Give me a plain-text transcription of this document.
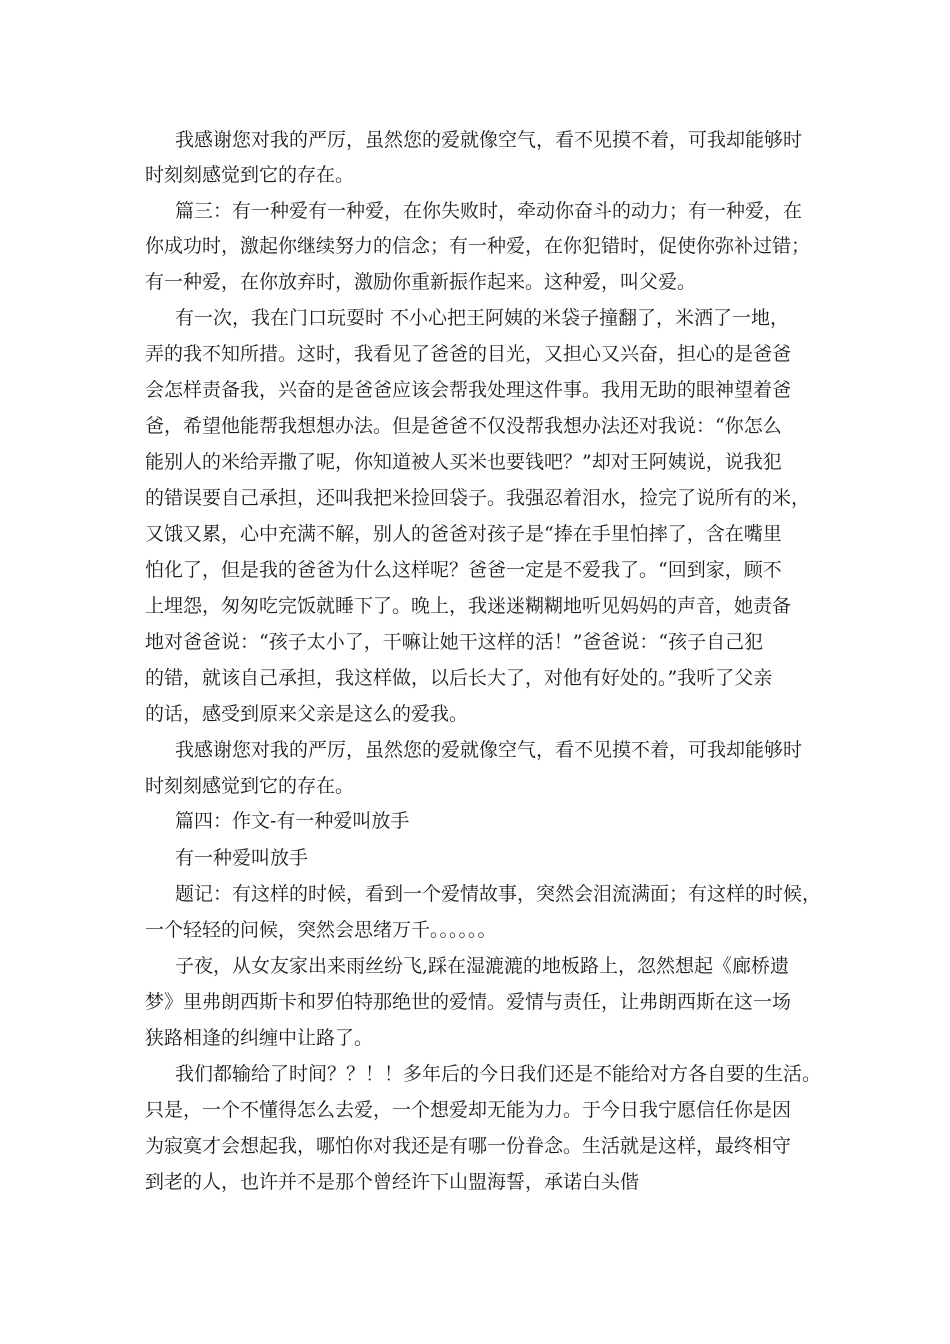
我感谢您对我的严厉，虽然您的爱就像空气，看不见摸不着，可我却能够时
时刻刻感觉到它的存在。
篇三：有一种爱有一种爱，在你失败时，牵动你奋斗的动力；有一种爱，在
你成功时，激起你继续努力的信念；有一种爱，在你犯错时，促使你弥补过错；
有一种爱，在你放弃时，激励你重新振作起来。这种爱，叫父爱。
有一次，我在门口玩耍时 不小心把王阿姨的米袋子撞翻了，米洒了一地，
弄的我不知所措。这时，我看见了爸爸的目光，又担心又兴奋，担心的是爸爸
会怎样责备我，兴奋的是爸爸应该会帮我处理这件事。我用无助的眼神望着爸
爸，希望他能帮我想想办法。但是爸爸不仅没帮我想办法还对我说：“你怎么
能别人的米给弄撒了呢，你知道被人买米也要钱吧？”却对王阿姨说，说我犯
的错误要自己承担，还叫我把米捡回袋子。我强忍着泪水，捡完了说所有的米，
又饿又累，心中充满不解，别人的爸爸对孩子是“捧在手里怕摔了，含在嘴里
怕化了，但是我的爸爸为什么这样呢？爸爸一定是不爱我了。“回到家，顾不
上埋怨，匆匆吃完饭就睡下了。晚上，我迷迷糊糊地听见妈妈的声音，她责备
地对爸爸说：“孩子太小了，干嘛让她干这样的活！”爸爸说：“孩子自己犯
的错，就该自己承担，我这样做，以后长大了，对他有好处的。”我听了父亲
的话，感受到原来父亲是这么的爱我。
我感谢您对我的严厉，虽然您的爱就像空气，看不见摸不着，可我却能够时
时刻刻感觉到它的存在。
篇四：作文-有一种爱叫放手
有一种爱叫放手
题记：有这样的时候，看到一个爱情故事，突然会泪流满面；有这样的时候，
一个轻轻的问候，突然会思绪万千。。。。。。
子夜，从女友家出来雨丝纷飞,踩在湿漉漉的地板路上，忽然想起《廊桥遗
梦》里弗朗西斯卡和罗伯特那绝世的爱情。爱情与责任，让弗朗西斯在这一场
狭路相逢的纠缠中让路了。
我们都输给了时间？？！！多年后的今日我们还是不能给对方各自要的生活。
只是，一个不懂得怎么去爱，一个想爱却无能为力。于今日我宁愿信任你是因
为寂寞才会想起我，哪怕你对我还是有哪一份眷念。生活就是这样，最终相守
到老的人，也许并不是那个曾经许下山盟海誓，承诺白头偕
